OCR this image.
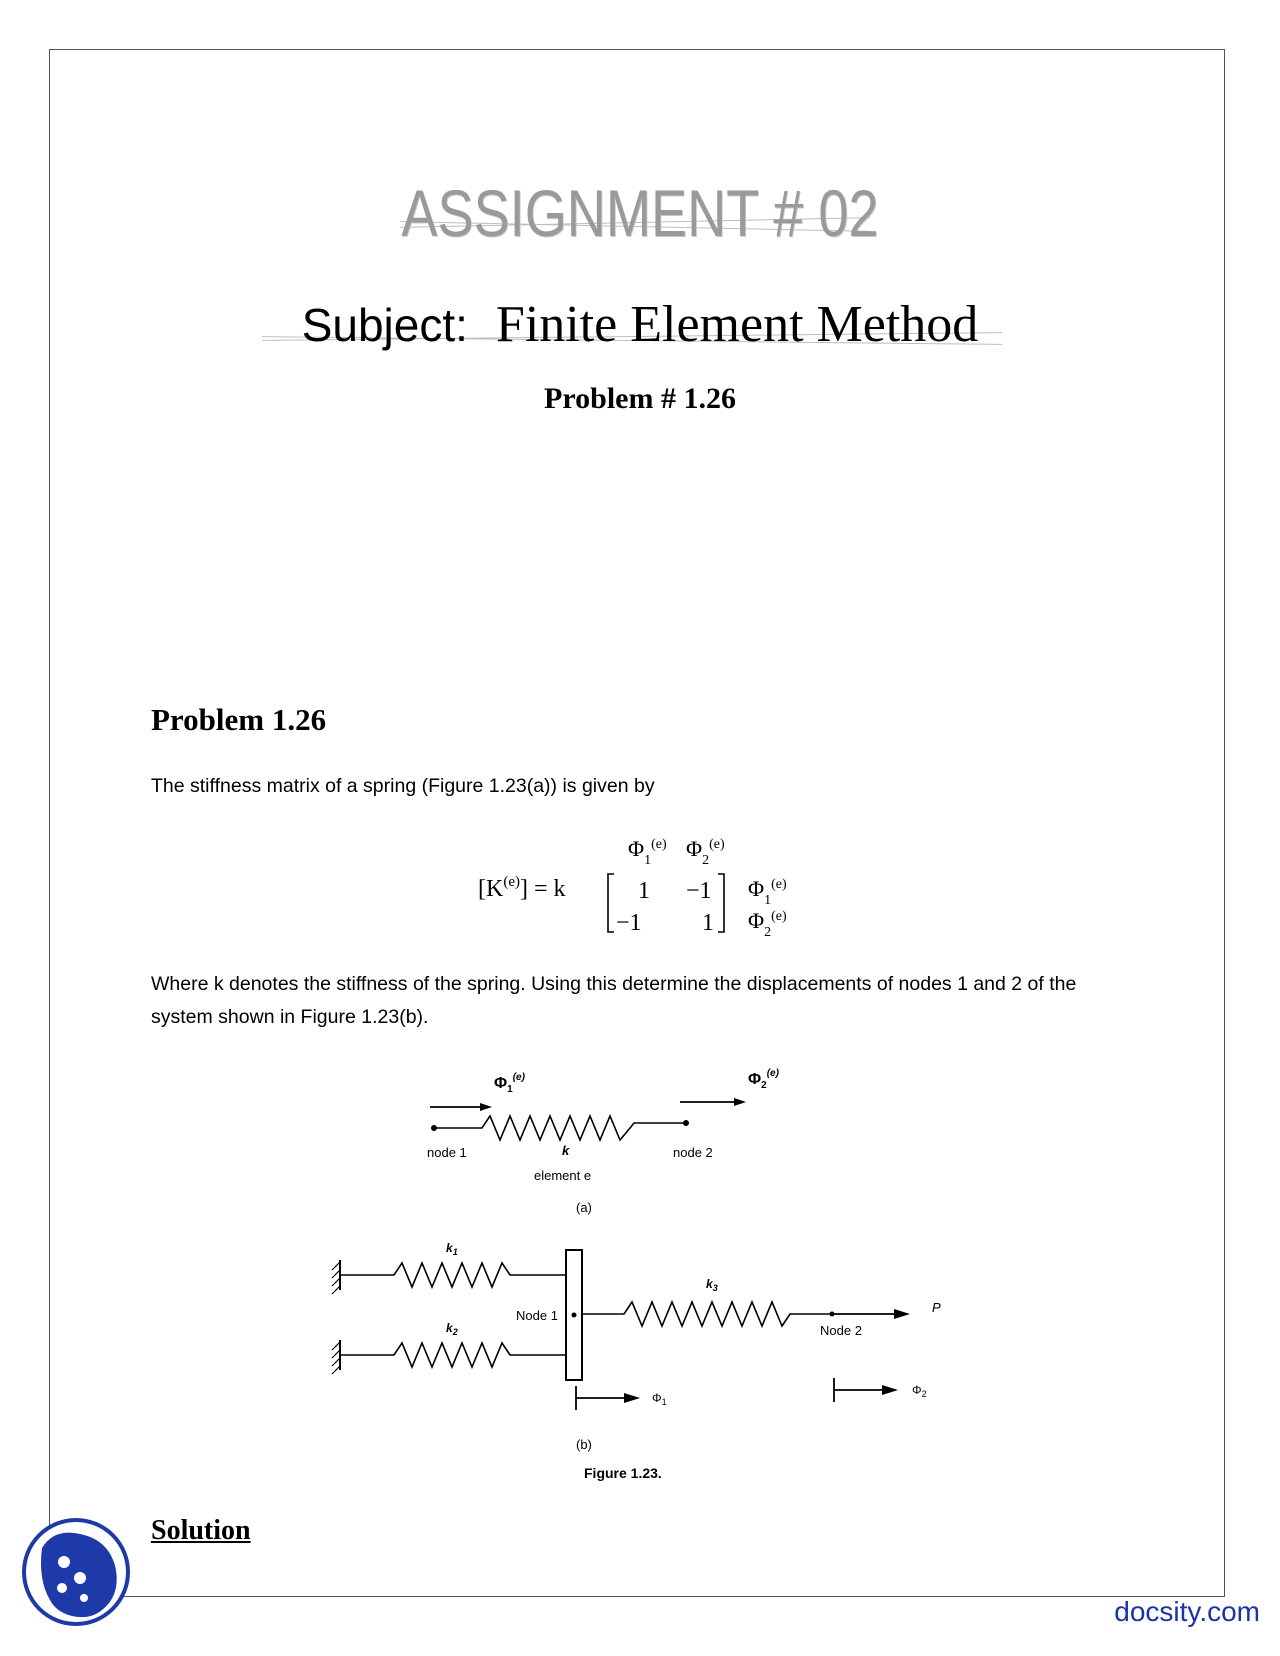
ASSIGNMENT # 02
Subject: Finite Element Method
Problem # 1.26
Problem 1.26
The stiffness matrix of a spring (Figure 1.23(a)) is given by
$\Phi_1^{(e)}$ $\Phi_2^{(e)}$
$[K^{(e)}] = k$	1 −1
−1	1
$\Phi_1^{(e)}$
$\Phi_2^{(e)}$
Where k denotes the stiffness of the spring. Using this determine the displacements of nodes 1 and 2 of the system shown in Figure 1.23(b).
$\Phi_1^{(e)}$	$\Phi_2^{(e)}$
node 1	k	node 2
element e
(a)
$k_1$
$k_2$
Node 1
$k_3$
Node 2
P
$\Phi_1$
$\Phi_2$
(b)
Figure 1.23.
Solution
docsity.com
